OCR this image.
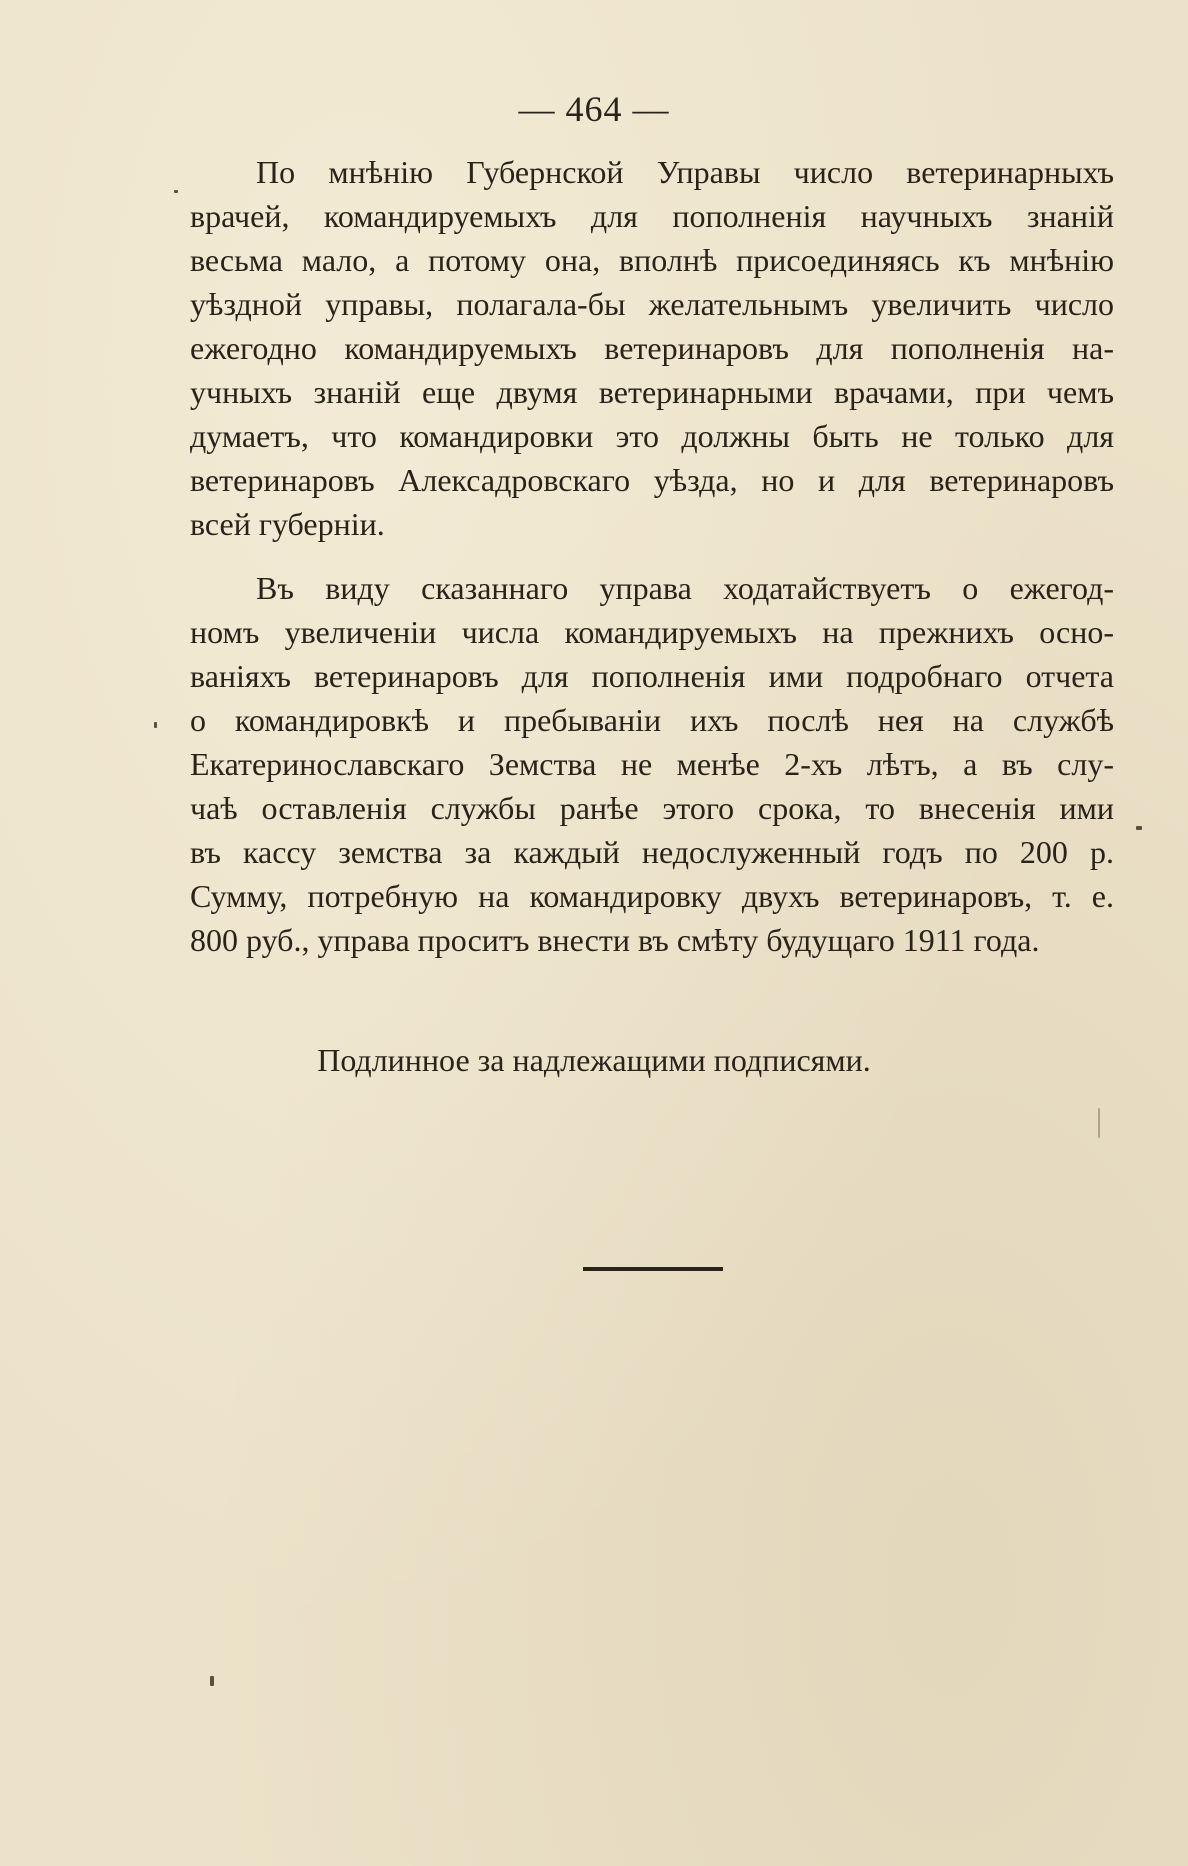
— 464 —
По мнѣнію Губернской Управы число ветеринарныхъ
врачей, командируемыхъ для пополненія научныхъ знаній
весьма мало, а потому она, вполнѣ присоединяясь къ мнѣнію
уѣздной управы, полагала-бы желательнымъ увеличить число
ежегодно командируемыхъ ветеринаровъ для пополненія на-
учныхъ знаній еще двумя ветеринарными врачами, при чемъ
думаетъ, что командировки это должны быть не только для
ветеринаровъ Алексадровскаго уѣзда, но и для ветеринаровъ
всей губерніи.
Въ виду сказаннаго управа ходатайствуетъ о ежегод-
номъ увеличеніи числа командируемыхъ на прежнихъ осно-
ваніяхъ ветеринаровъ для пополненія ими подробнаго отчета
о командировкѣ и пребываніи ихъ послѣ нея на службѣ
Екатеринославскаго Земства не менѣе 2-хъ лѣтъ, а въ слу-
чаѣ оставленія службы ранѣе этого срока, то внесенія ими
въ кассу земства за каждый недослуженный годъ по 200 р.
Сумму, потребную на командировку двухъ ветеринаровъ, т. е.
800 руб., управа проситъ внести въ смѣту будущаго 1911 года.
Подлинное за надлежащими подписями.
